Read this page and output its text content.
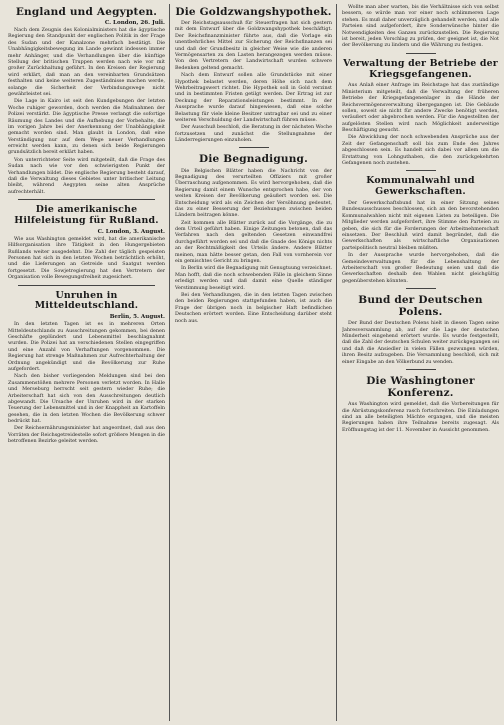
England und Aegypten.
C. London, 26. Juli.

Nach dem Zeugnis des Kolonialministers hat die ägyptische Regierung den Standpunkt der englischen Politik in der Frage des Sudan und der Kanalzone mehrfach bestätigt. Die Unabhängigkeitsbewegung im Lande gewinnt indessen immer mehr Anhänger, und die Verhandlungen über die künftige Stellung der britischen Truppen werden nach wie vor mit großer Zurückhaltung geführt. In den Kreisen der Regierung wird erklärt, daß man an den vereinbarten Grundsätzen festhalten und keine weiteren Zugeständnisse machen werde, solange die Sicherheit der Verbindungswege nicht gewährleistet sei.

Die Lage in Kairo ist seit den Kundgebungen der letzten Woche ruhiger geworden, doch werden die Maßnahmen der Polizei verstärkt. Die ägyptische Presse verlangt die sofortige Räumung des Landes und die Aufhebung der Vorbehalte, die im vorigen Jahre bei der Anerkennung der Unabhängigkeit gemacht worden sind. Man glaubt in London, daß eine Verständigung nur auf dem Wege neuer Verhandlungen erreicht werden kann, zu denen sich beide Regierungen grundsätzlich bereit erklärt haben.

Von unterrichteter Seite wird mitgeteilt, daß die Frage des Sudan nach wie vor den schwierigsten Punkt der Verhandlungen bildet. Die englische Regierung besteht darauf, daß die Verwaltung dieses Gebietes unter britischer Leitung bleibt, während Aegypten seine alten Ansprüche aufrechterhält.

Die amerikanische Hilfeleistung für Rußland.
C. London, 3. August.

Wie aus Washington gemeldet wird, hat die amerikanische Hilfsorganisation ihre Tätigkeit in den Hungergebieten Rußlands weiter ausgedehnt. Die Zahl der täglich gespeisten Personen hat sich in den letzten Wochen beträchtlich erhöht, und die Lieferungen an Getreide und Saatgut werden fortgesetzt. Die Sowjetregierung hat den Vertretern der Organisation volle Bewegungsfreiheit zugesichert.

Unruhen in Mitteldeutschland.
Berlin, 5. August.

In den letzten Tagen ist es in mehreren Orten Mitteldeutschlands zu Ausschreitungen gekommen, bei denen Geschäfte geplündert und Lebensmittel beschlagnahmt wurden. Die Polizei hat an verschiedenen Stellen eingegriffen und eine Anzahl von Verhaftungen vorgenommen. Die Regierung hat strenge Maßnahmen zur Aufrechterhaltung der Ordnung angekündigt und die Bevölkerung zur Ruhe aufgefordert.

Nach den bisher vorliegenden Meldungen sind bei den Zusammenstößen mehrere Personen verletzt worden. In Halle und Merseburg herrscht seit gestern wieder Ruhe; die Arbeiterschaft hat sich von den Ausschreitungen deutlich abgewandt. Die Ursache der Unruhen wird in der starken Teuerung der Lebensmittel und in der Knappheit an Kartoffeln gesehen, die in den letzten Wochen die Bevölkerung schwer bedrückt hat.

Der Reichsernährungsminister hat angeordnet, daß aus den Vorräten der Reichsgetreidestelle sofort größere Mengen in die betroffenen Bezirke geleitet werden.

Die Goldzwangshypothek.

Der Reichstagsausschuß für Steuerfragen hat sich gestern mit dem Entwurf über die Goldzwangshypothek beschäftigt. Der Reichsfinanzminister führte aus, daß die Vorlage ein unentbehrliches Mittel zur Sicherung der Reichsfinanzen sei und daß der Grundbesitz in gleicher Weise wie die anderen Vermögensarten zu den Lasten herangezogen werden müsse. Von den Vertretern der Landwirtschaft wurden schwere Bedenken geltend gemacht.

Nach dem Entwurf sollen alle Grundstücke mit einer Hypothek belastet werden, deren Höhe sich nach dem Wehrbeitragswert richtet. Die Hypothek soll in Gold verzinst und in bestimmten Fristen getilgt werden. Der Ertrag ist zur Deckung der Reparationsleistungen bestimmt. In der Aussprache wurde darauf hingewiesen, daß eine solche Belastung für viele kleine Besitzer untragbar sei und zu einer weiteren Verschuldung der Landwirtschaft führen müsse.

Der Ausschuß beschloß, die Beratung in der nächsten Woche fortzusetzen und zunächst die Stellungnahme der Länderregierungen einzuholen.

Die Begnadigung.

Die Belgischen Blätter haben die Nachricht von der Begnadigung des verurteilten Offiziers mit großer Überraschung aufgenommen. Es wird hervorgehoben, daß die Regierung damit einem Wunsche entsprochen habe, der von weiten Kreisen der Bevölkerung geäußert worden sei. Die Entscheidung wird als ein Zeichen der Versöhnung gedeutet, das zu einer Besserung der Beziehungen zwischen beiden Ländern beitragen könne.

Zeit kommen alle Blätter zurück auf die Vorgänge, die zu dem Urteil geführt haben. Einige Zeitungen betonen, daß das Verfahren nach den geltenden Gesetzen einwandfrei durchgeführt worden sei und daß die Gnade des Königs nichts an der Rechtmäßigkeit des Urteils ändere. Andere Blätter meinen, man hätte besser getan, den Fall von vornherein vor ein gemischtes Gericht zu bringen.

In Berlin wird die Begnadigung mit Genugtuung verzeichnet. Man hofft, daß die noch schwebenden Fälle in gleichem Sinne erledigt werden und daß damit eine Quelle ständiger Verstimmung beseitigt wird.

Bei den Verhandlungen, die in den letzten Tagen zwischen den beiden Regierungen stattgefunden haben, ist auch die Frage der übrigen noch in belgischer Haft befindlichen Deutschen erörtert worden. Eine Entscheidung darüber steht noch aus.

Wollte man aber warten, bis die Verhältnisse sich von selbst bessern, so würde man vor einer noch schlimmeren Lage stehen. Es muß daher unverzüglich gehandelt werden, und alle Parteien sind aufgefordert, ihre Sonderwünsche hinter die Notwendigkeiten des Ganzen zurückzustellen. Die Regierung ist bereit, jeden Vorschlag zu prüfen, der geeignet ist, die Not der Bevölkerung zu lindern und die Währung zu festigen.

Verwaltung der Betriebe der Kriegsgefangenen.

Aus Anlaß einer Anfrage im Reichstage hat das zuständige Ministerium mitgeteilt, daß die Verwaltung der früheren Betriebe der Kriegsgefangenenlager in die Hände der Reichsvermögensverwaltung übergegangen ist. Die Gebäude sollen, soweit sie nicht für andere Zwecke benötigt werden, veräußert oder abgebrochen werden. Für die Angestellten der aufgelösten Stellen wird nach Möglichkeit anderweitige Beschäftigung gesucht.

Die Abwicklung der noch schwebenden Ansprüche aus der Zeit der Gefangenschaft soll bis zum Ende des Jahres abgeschlossen sein. Es handelt sich dabei vor allem um die Erstattung von Lohnguthaben, die den zurückgekehrten Gefangenen noch zustehen.

Kommunalwahl und Gewerkschaften.

Der Gewerkschaftsbund hat in einer Sitzung seines Bundesausschusses beschlossen, sich an den bevorstehenden Kommunalwahlen nicht mit eigenen Listen zu beteiligen. Die Mitglieder werden aufgefordert, ihre Stimme den Parteien zu geben, die sich für die Forderungen der Arbeitnehmerschaft einsetzen. Der Beschluß wird damit begründet, daß die Gewerkschaften als wirtschaftliche Organisationen parteipolitisch neutral bleiben müßten.

In der Aussprache wurde hervorgehoben, daß die Gemeindeverwaltungen für die Lebenshaltung der Arbeiterschaft von großer Bedeutung seien und daß die Gewerkschaften deshalb den Wahlen nicht gleichgültig gegenüberstehen könnten.

Bund der Deutschen Polens.

Der Bund der Deutschen Polens hielt in diesen Tagen seine Jahresversammlung ab, auf der die Lage der deutschen Minderheit eingehend erörtert wurde. Es wurde festgestellt, daß die Zahl der deutschen Schulen weiter zurückgegangen sei und daß die Ansiedler in vielen Fällen gezwungen würden, ihren Besitz aufzugeben. Die Versammlung beschloß, sich mit einer Eingabe an den Völkerbund zu wenden.

Die Washingtoner Konferenz.

Aus Washington wird gemeldet, daß die Vorbereitungen für die Abrüstungskonferenz rasch fortschreiten. Die Einladungen sind an alle beteiligten Mächte ergangen, und die meisten Regierungen haben ihre Teilnahme bereits zugesagt. Als Eröffnungstag ist der 11. November in Aussicht genommen.
